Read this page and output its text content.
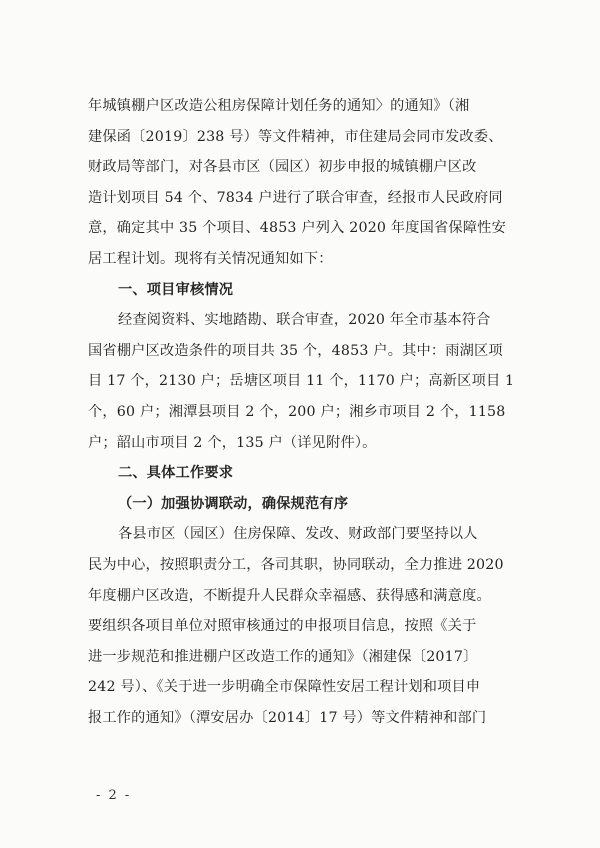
年城镇棚户区改造公租房保障计划任务的通知〉的通知》（湘
建保函〔2019〕238 号）等文件精神，市住建局会同市发改委、
财政局等部门，对各县市区（园区）初步申报的城镇棚户区改
造计划项目 54 个、7834 户进行了联合审查，经报市人民政府同
意，确定其中 35 个项目、4853 户列入 2020 年度国省保障性安
居工程计划。现将有关情况通知如下：
一、项目审核情况
经查阅资料、实地踏勘、联合审查，2020 年全市基本符合
国省棚户区改造条件的项目共 35 个，4853 户。其中：雨湖区项
目 17 个，2130 户；岳塘区项目 11 个，1170 户；高新区项目 1
个，60 户；湘潭县项目 2 个，200 户；湘乡市项目 2 个，1158
户；韶山市项目 2 个，135 户（详见附件）。
二、具体工作要求
（一）加强协调联动，确保规范有序
各县市区（园区）住房保障、发改、财政部门要坚持以人
民为中心，按照职责分工，各司其职，协同联动，全力推进 2020
年度棚户区改造，不断提升人民群众幸福感、获得感和满意度。
要组织各项目单位对照审核通过的申报项目信息，按照《关于
进一步规范和推进棚户区改造工作的通知》（湘建保〔2017〕
242 号）、《关于进一步明确全市保障性安居工程计划和项目申
报工作的通知》（潭安居办〔2014〕17 号）等文件精神和部门
- 2 -
